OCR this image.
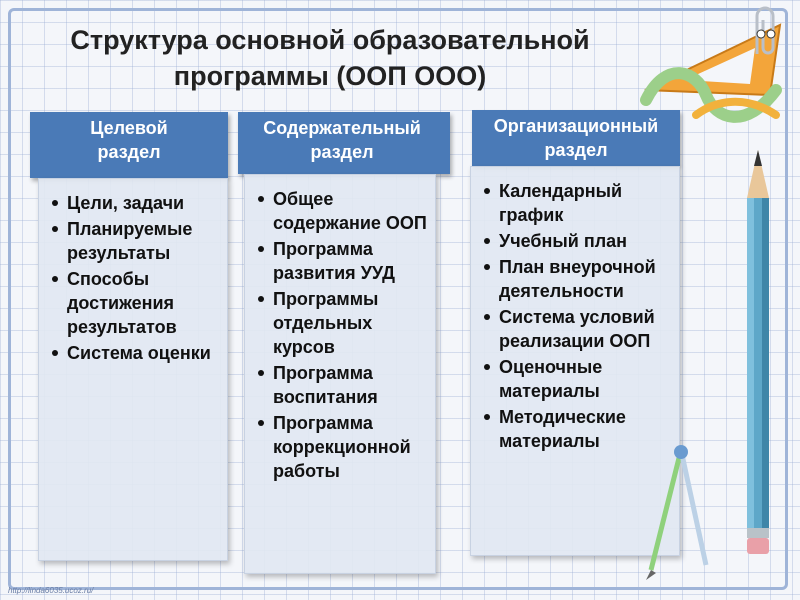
Структура основной образовательной программы (ООП ООО)
Целевой раздел
Цели, задачи
Планируемые результаты
Способы достижения результатов
Система оценки
Содержательный раздел
Общее содержание ООП
Программа развития УУД
Программы отдельных курсов
Программа воспитания
Программа коррекционной работы
Организационный раздел
Календарный график
Учебный план
План внеурочной деятельности
Система условий реализации ООП
Оценочные материалы
Методические материалы
http://linda6035.ucoz.ru/
